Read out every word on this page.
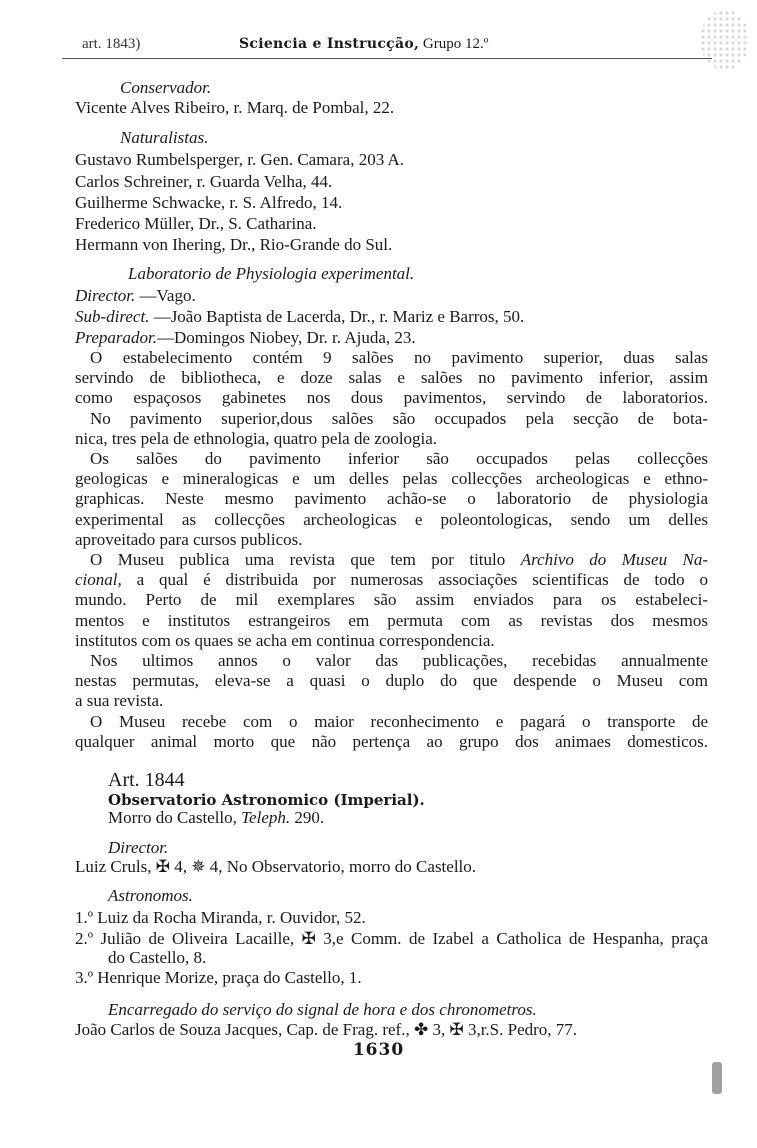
art. 1843)	Sciencia e Instrucção, Grupo 12.º
Conservador.
Vicente Alves Ribeiro, r. Marq. de Pombal, 22.
Naturalistas.
Gustavo Rumbelsperger, r. Gen. Camara, 203 A.
Carlos Schreiner, r. Guarda Velha, 44.
Guilherme Schwacke, r. S. Alfredo, 14.
Frederico Müller, Dr., S. Catharina.
Hermann von Ihering, Dr., Rio-Grande do Sul.
Laboratorio de Physiologia experimental.
Director. —Vago.
Sub-direct. —João Baptista de Lacerda, Dr., r. Mariz e Barros, 50.
Preparador.—Domingos Niobey, Dr. r. Ajuda, 23.
O estabelecimento contém 9 salões no pavimento superior, duas salas
servindo de bibliotheca, e doze salas e salões no pavimento inferior, assim
como espaçosos gabinetes nos dous pavimentos, servindo de laboratorios.
No pavimento superior,dous salões são occupados pela secção de bota-
nica, tres pela de ethnologia, quatro pela de zoologia.
Os salões do pavimento inferior são occupados pelas collecções
geologicas e mineralogicas e um delles pelas collecções archeologicas e ethno-
graphicas. Neste mesmo pavimento achão-se o laboratorio de physiologia
experimental as collecções archeologicas e poleontologicas, sendo um delles
aproveitado para cursos publicos.
O Museu publica uma revista que tem por titulo Archivo do Museu Na-
cional, a qual é distribuida por numerosas associações scientificas de todo o
mundo. Perto de mil exemplares são assim enviados para os estabeleci-
mentos e institutos estrangeiros em permuta com as revistas dos mesmos
institutos com os quaes se acha em continua correspondencia.
Nos ultimos annos o valor das publicações, recebidas annualmente
nestas permutas, eleva-se a quasi o duplo do que despende o Museu com
a sua revista.
O Museu recebe com o maior reconhecimento e pagará o transporte de
qualquer animal morto que não pertença ao grupo dos animaes domesticos.
Art. 1844
Observatorio Astronomico (Imperial).
Morro do Castello, Teleph. 290.
Director.
Luiz Cruls, ✠ 4, ✵ 4, No Observatorio, morro do Castello.
Astronomos.
1.º Luiz da Rocha Miranda, r. Ouvidor, 52.
2.º Julião de Oliveira Lacaille, ✠ 3,e Comm. de Izabel a Catholica de Hespanha, praça
do Castello, 8.
3.º Henrique Morize, praça do Castello, 1.
Encarregado do serviço do signal de hora e dos chronometros.
João Carlos de Souza Jacques, Cap. de Frag. ref., ✤ 3, ✠ 3,r.S. Pedro, 77.
1630
